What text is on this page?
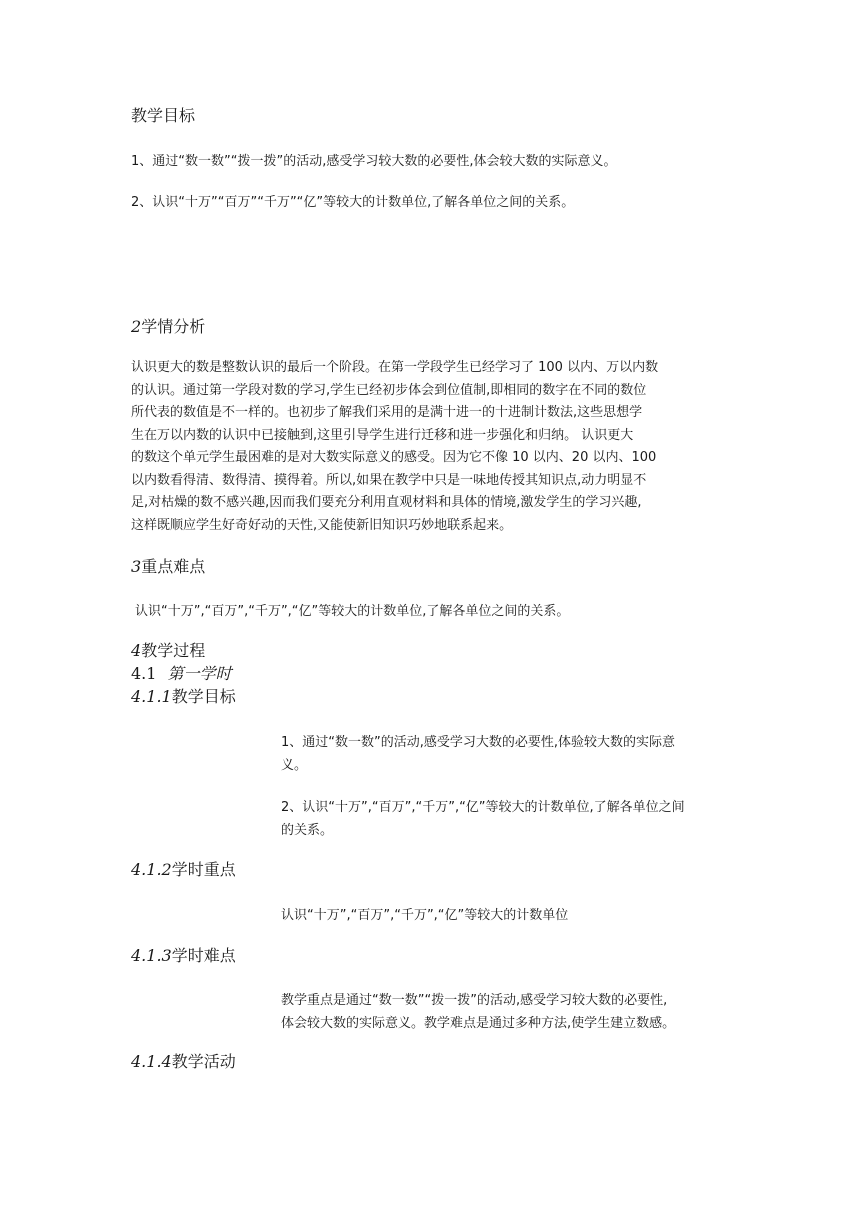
教学目标
1、通过“数一数”“拨一拨”的活动,感受学习较大数的必要性,体会较大数的实际意义。
2、认识“十万”“百万”“千万”“亿”等较大的计数单位,了解各单位之间的关系。
2学情分析
认识更大的数是整数认识的最后一个阶段。在第一学段学生已经学习了 100 以内、万以内数
的认识。通过第一学段对数的学习,学生已经初步体会到位值制,即相同的数字在不同的数位
所代表的数值是不一样的。也初步了解我们采用的是满十进一的十进制计数法,这些思想学
生在万以内数的认识中已接触到,这里引导学生进行迁移和进一步强化和归纳。 认识更大
的数这个单元学生最困难的是对大数实际意义的感受。因为它不像 10 以内、20 以内、100
以内数看得清、数得清、摸得着。所以,如果在教学中只是一味地传授其知识点,动力明显不
足,对枯燥的数不感兴趣,因而我们要充分利用直观材料和具体的情境,激发学生的学习兴趣,
这样既顺应学生好奇好动的天性,又能使新旧知识巧妙地联系起来。
3重点难点
认识“十万”,“百万”,“千万”,“亿”等较大的计数单位,了解各单位之间的关系。
4教学过程
4.1 第一学时
4.1.1教学目标
1、通过“数一数”的活动,感受学习大数的必要性,体验较大数的实际意
义。
2、认识“十万”,“百万”,“千万”,“亿”等较大的计数单位,了解各单位之间
的关系。
4.1.2学时重点
认识“十万”,“百万”,“千万”,“亿”等较大的计数单位
4.1.3学时难点
教学重点是通过“数一数”“拨一拨”的活动,感受学习较大数的必要性,
体会较大数的实际意义。教学难点是通过多种方法,使学生建立数感。
4.1.4教学活动
